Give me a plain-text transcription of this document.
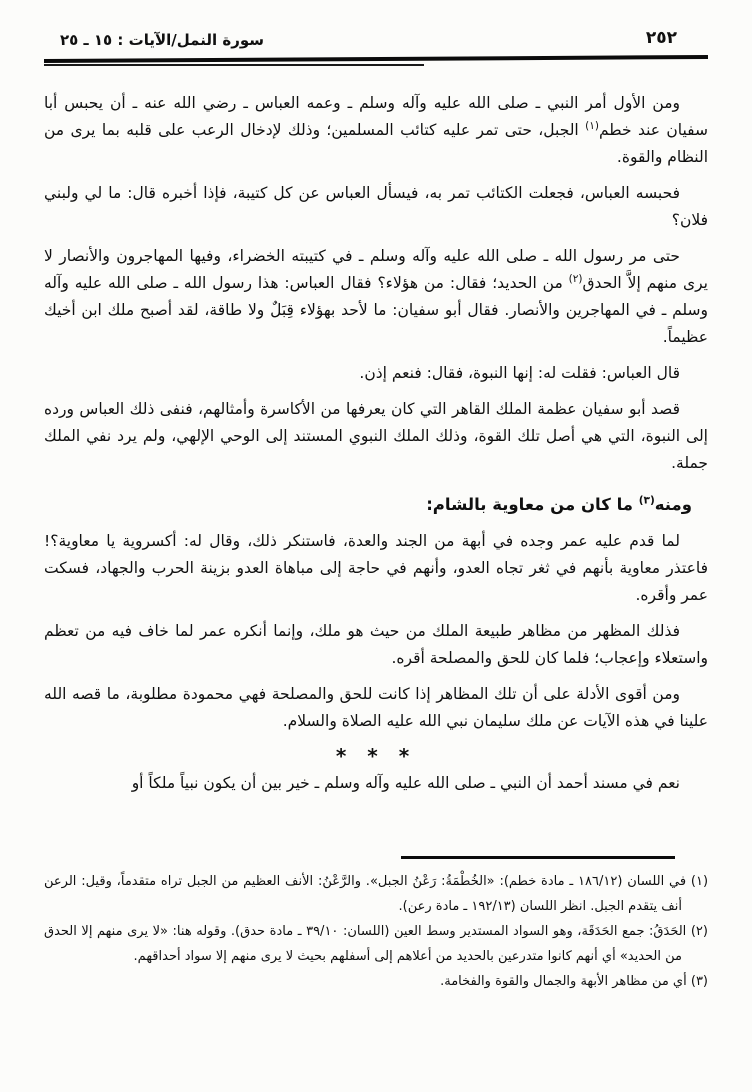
سورة النمل/الآيات : ١٥ ـ ٢٥	٢٥٢

ومن الأول أمر النبي ـ صلى الله عليه وآله وسلم ـ وعمه العباس ـ رضي الله عنه ـ أن يحبس أبا سفيان عند خطم$^{(١)}$ الجبل، حتى تمر عليه كتائب المسلمين؛ وذلك لإدخال الرعب على قلبه بما يرى من النظام والقوة.

فحبسه العباس، فجعلت الكتائب تمر به، فيسأل العباس عن كل كتيبة، فإذا أخبره قال: ما لي ولبني فلان؟

حتى مر رسول الله ـ صلى الله عليه وآله وسلم ـ في كتيبته الخضراء، وفيها المهاجرون والأنصار لا يرى منهم إلاَّ الحدق$^{(٢)}$ من الحديد؛ فقال: من هؤلاء؟ فقال العباس: هذا رسول الله ـ صلى الله عليه وآله وسلم ـ في المهاجرين والأنصار. فقال أبو سفيان: ما لأحد بهؤلاء قِبَلٌ ولا طاقة، لقد أصبح ملك ابن أخيك عظيماً.

قال العباس: فقلت له: إنها النبوة، فقال: فنعم إذن.

قصد أبو سفيان عظمة الملك القاهر التي كان يعرفها من الأكاسرة وأمثالهم، فنفى ذلك العباس ورده إلى النبوة، التي هي أصل تلك القوة، وذلك الملك النبوي المستند إلى الوحي الإلهي، ولم يرد نفي الملك جملة.

ومنه$^{(٣)}$ ما كان من معاوية بالشام:

لما قدم عليه عمر وجده في أبهة من الجند والعدة، فاستنكر ذلك، وقال له: أكسروية يا معاوية؟! فاعتذر معاوية بأنهم في ثغر تجاه العدو، وأنهم في حاجة إلى مباهاة العدو بزينة الحرب والجهاد، فسكت عمر وأقره.

فذلك المظهر من مظاهر طبيعة الملك من حيث هو ملك، وإنما أنكره عمر لما خاف فيه من تعظم واستعلاء وإعجاب؛ فلما كان للحق والمصلحة أقره.

ومن أقوى الأدلة على أن تلك المظاهر إذا كانت للحق والمصلحة فهي محمودة مطلوبة، ما قصه الله علينا في هذه الآيات عن ملك سليمان نبي الله عليه الصلاة والسلام.

* * *

نعم في مسند أحمد أن النبي ـ صلى الله عليه وآله وسلم ـ خير بين أن يكون نبياً ملكاً أو

(١) في اللسان (١٨٦/١٢ ـ مادة خطم): «الخُطْمَةُ: رَعْنُ الجبل». والرَّعْنُ: الأنف العظيم من الجبل تراه متقدماً، وقيل: الرعن أنف يتقدم الجبل. انظر اللسان (١٩٢/١٣ ـ مادة رعن).

(٢) الحَدَقُ: جمع الحَدَقَة، وهو السواد المستدير وسط العين (اللسان: ٣٩/١٠ ـ مادة حدق). وقوله هنا: «لا يرى منهم إلا الحدق من الحديد» أي أنهم كانوا متدرعين بالحديد من أعلاهم إلى أسفلهم بحيث لا يرى منهم إلا سواد أحداقهم.

(٣) أي من مظاهر الأبهة والجمال والقوة والفخامة.
